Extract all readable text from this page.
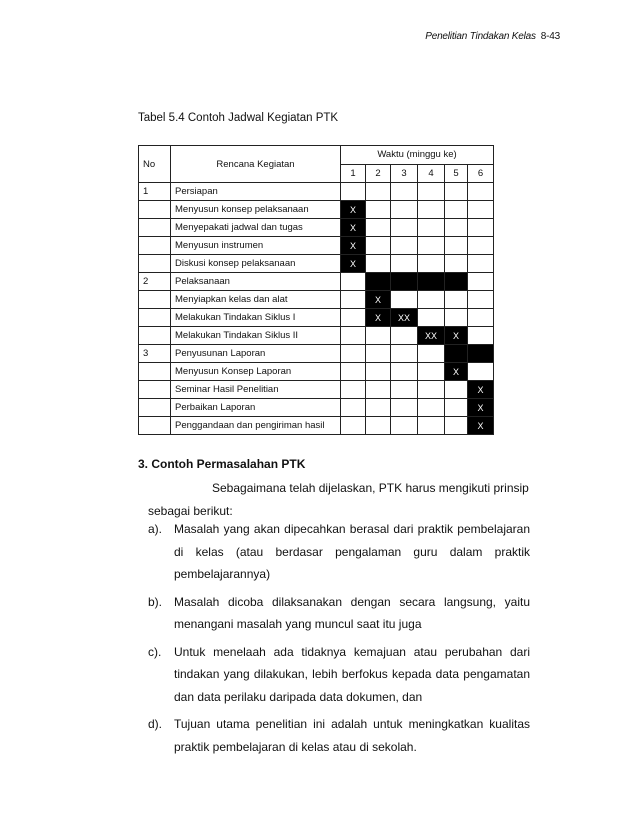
Penelitian Tindakan Kelas 8-43
Tabel 5.4 Contoh Jadwal Kegiatan PTK
No	Rencana Kegiatan	Waktu (minggu ke)					
		1	2	3	4	5	6
1	Persiapan						
	Menyusun konsep pelaksanaan	X					
	Menyepakati jadwal dan tugas	X					
	Menyusun instrumen	X					
	Diskusi konsep pelaksanaan	X					
2	Pelaksanaan						
	Menyiapkan kelas dan alat		X				
	Melakukan Tindakan Siklus I		X	XX			
	Melakukan Tindakan Siklus II				XX	X	
3	Penyusunan Laporan						
	Menyusun Konsep Laporan					X	
	Seminar Hasil Penelitian						X
	Perbaikan Laporan						X
	Penggandaan dan pengiriman hasil						X
3. Contoh Permasalahan PTK
Sebagaimana telah dijelaskan, PTK harus mengikuti prinsip sebagai berikut:
a). Masalah yang akan dipecahkan berasal dari praktik pembelajaran di kelas (atau berdasar pengalaman guru dalam praktik pembelajarannya)
b). Masalah dicoba dilaksanakan dengan secara langsung, yaitu menangani masalah yang muncul saat itu juga
c).	Untuk menelaah ada tidaknya kemajuan atau perubahan dari tindakan yang dilakukan, lebih berfokus kepada data pengamatan dan data perilaku daripada data dokumen, dan
d). Tujuan utama penelitian ini adalah untuk meningkatkan kualitas praktik pembelajaran di kelas atau di sekolah.
